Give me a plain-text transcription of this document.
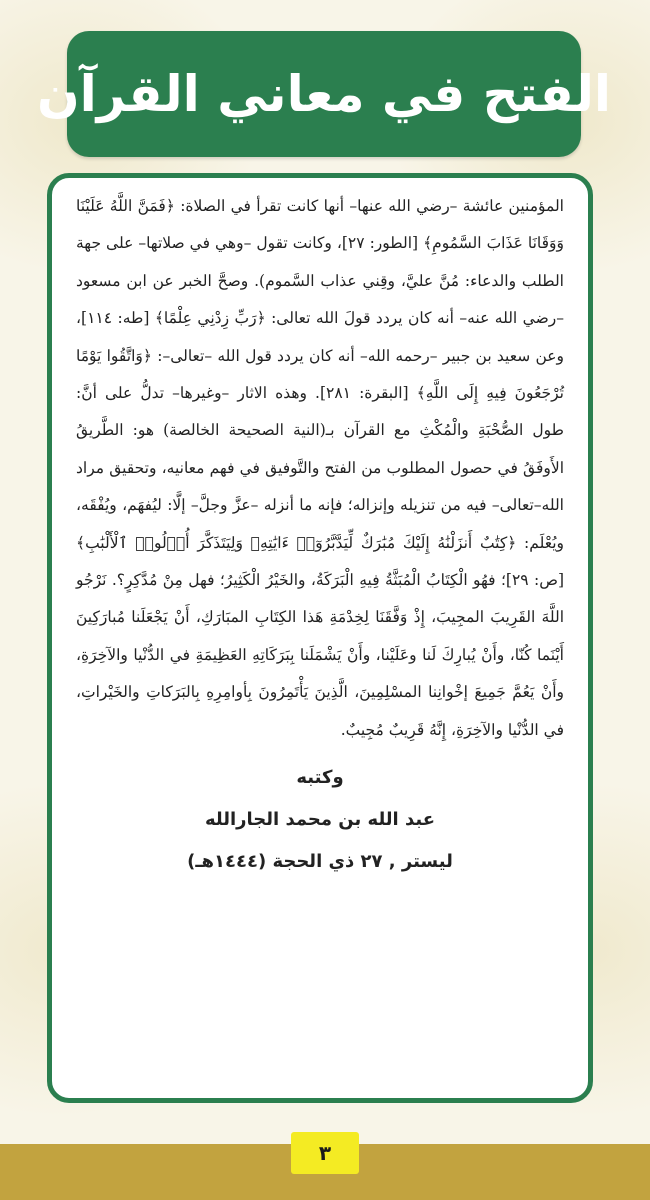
الفتح في معاني القرآن

المؤمنين عائشة –رضي الله عنها– أنها كانت تقرأ في الصلاة: ﴿فَمَنَّ اللَّهُ عَلَيْنَا وَوَقَانَا عَذَابَ السَّمُومِ﴾ [الطور: ٢٧]، وكانت تقول –وهي في صلاتها– على جهة الطلب والدعاء: مُنَّ عليَّ، وقِني عذاب السَّموم). وصحَّ الخبر عن ابن مسعود –رضي الله عنه– أنه كان يردد قولَ الله تعالى: ﴿رَبِّ زِدْنِي عِلْمًا﴾ [طه: ١١٤]، وعن سعيد بن جبير –رحمه الله– أنه كان يردد قول الله –تعالى–: ﴿وَاتَّقُوا يَوْمًا تُرْجَعُونَ فِيهِ إِلَى اللَّهِ﴾ [البقرة: ٢٨١]. وهذه الاثار –وغيرها– تدلُّ على أنَّ: طول الصُّحْبَةِ والْمُكْثِ مع القرآن بـ(النية الصحيحة الخالصة) هو: الطَّريقُ الأَوفَقُ في حصول المطلوب من الفتح والتَّوفيق في فهم معانيه، وتحقيق مراد الله–تعالى– فيه من تنزيله وإنزاله؛ فإنه ما أنزله –عزَّ وجلَّ– إلَّا: ليُفهَم، ويُفْقَه، ويُعْلَم: ﴿كِتَٰبٌ أَنزَلْنَٰهُ إِلَيْكَ مُبَٰرَكٌ لِّيَدَّبَّرُوٓا۟ ءَايَٰتِهِۦ وَلِيَتَذَكَّرَ أُو۟لُوا۟ ٱلْأَلْبَٰبِ﴾ [ص: ٢٩]؛ فهُو الْكِتَابُ الْمُبَثَّةُ فِيهِ الْبَرَكَةُ، والخَيْرُ الْكَثِيرُ؛ فهل مِنْ مُدَّكِرٍ؟. نَرْجُو اللَّهَ القَرِيبَ المجِيبَ، إِذْ وَفَّقَنَا لِخِدْمَةِ هَذا الكِتَابِ المبَارَكِ، أَنْ يَجْعَلَنا مُبارَكِينَ أَيْنَما كُنّا، وأَنْ يُبارِكَ لَنا وعَلَيْنا، وأَنْ يَشْمَلَنا بِبَرَكَاتِهِ العَظِيمَةِ في الدُّنْيا والآخِرَةِ، وأَنْ يَعُمَّ جَمِيعَ إخْوانِنا المسْلِمِينَ، الَّذِينَ يَأْتَمِرُونَ بِأوامِرِهِ بِالبَرَكاتِ والخَيْراتِ، في الدُّنْيا والآخِرَةِ، إِنَّهُ قَرِيبٌ مُجِيبٌ.

وكتبه
عبد الله بن محمد الجارالله
ليستر , ٢٧ ذي الحجة (١٤٤٤هـ)
٣
